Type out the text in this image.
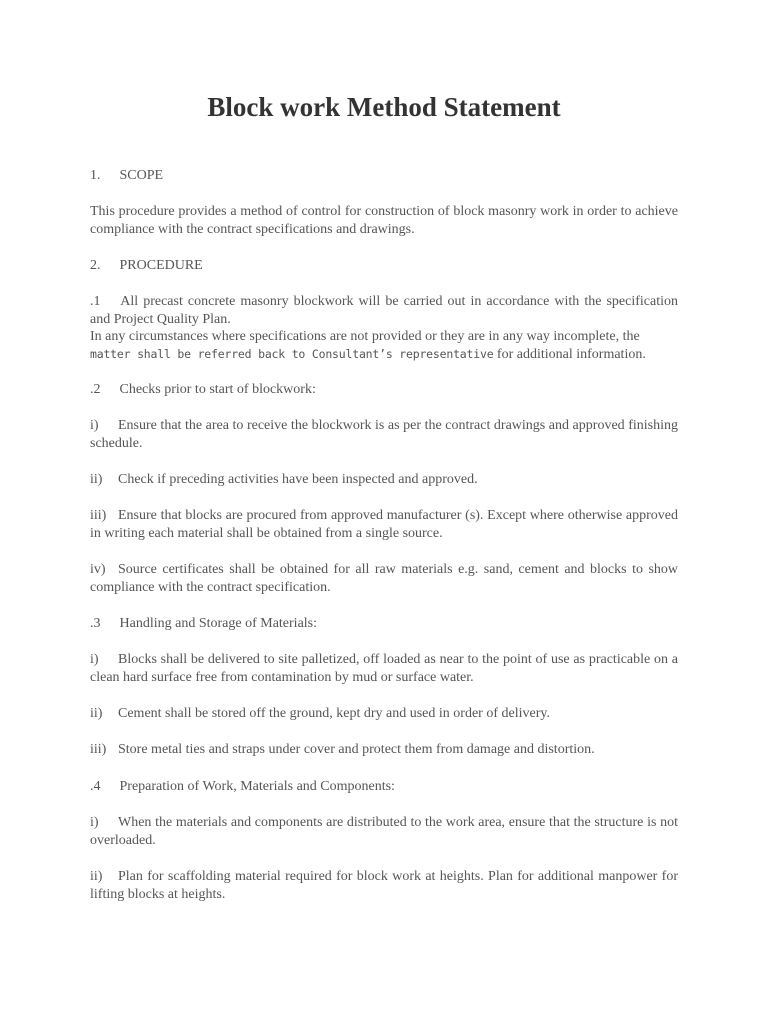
Block work Method Statement

1. SCOPE

This procedure provides a method of control for construction of block masonry work in order to achieve compliance with the contract specifications and drawings.

2. PROCEDURE

.1 All precast concrete masonry blockwork will be carried out in accordance with the specification and Project Quality Plan.
In any circumstances where specifications are not provided or they are in any way incomplete, the
matter shall be referred back to Consultant’s representative for additional information.

.2 Checks prior to start of blockwork:

i) Ensure that the area to receive the blockwork is as per the contract drawings and approved finishing schedule.

ii) Check if preceding activities have been inspected and approved.

iii) Ensure that blocks are procured from approved manufacturer (s). Except where otherwise approved in writing each material shall be obtained from a single source.

iv) Source certificates shall be obtained for all raw materials e.g. sand, cement and blocks to show compliance with the contract specification.

.3 Handling and Storage of Materials:

i) Blocks shall be delivered to site palletized, off loaded as near to the point of use as practicable on a clean hard surface free from contamination by mud or surface water.

ii) Cement shall be stored off the ground, kept dry and used in order of delivery.

iii) Store metal ties and straps under cover and protect them from damage and distortion.

.4 Preparation of Work, Materials and Components:

i) When the materials and components are distributed to the work area, ensure that the structure is not overloaded.

ii) Plan for scaffolding material required for block work at heights. Plan for additional manpower for lifting blocks at heights.
